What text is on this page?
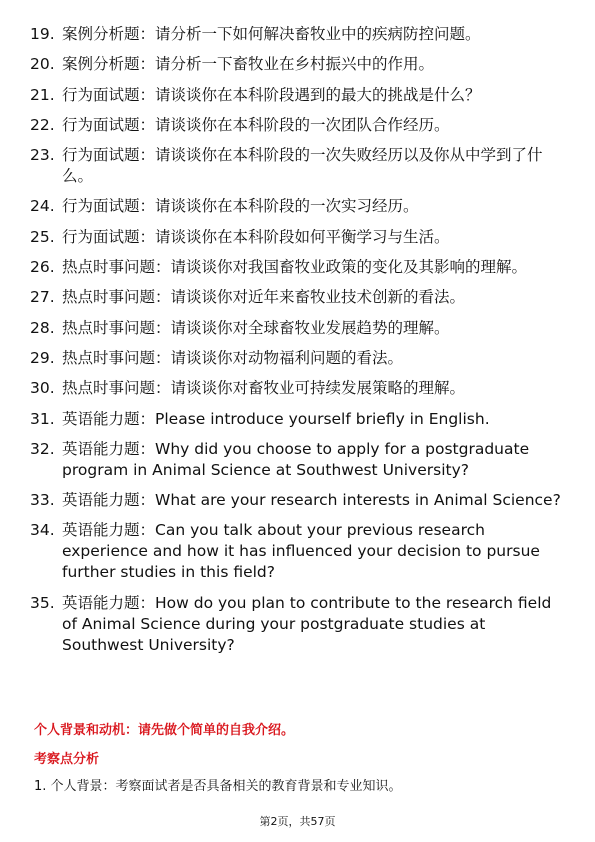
19. 案例分析题：请分析一下如何解决畜牧业中的疾病防控问题。
20. 案例分析题：请分析一下畜牧业在乡村振兴中的作用。
21. 行为面试题：请谈谈你在本科阶段遇到的最大的挑战是什么？
22. 行为面试题：请谈谈你在本科阶段的一次团队合作经历。
23. 行为面试题：请谈谈你在本科阶段的一次失败经历以及你从中学到了什么。
24. 行为面试题：请谈谈你在本科阶段的一次实习经历。
25. 行为面试题：请谈谈你在本科阶段如何平衡学习与生活。
26. 热点时事问题：请谈谈你对我国畜牧业政策的变化及其影响的理解。
27. 热点时事问题：请谈谈你对近年来畜牧业技术创新的看法。
28. 热点时事问题：请谈谈你对全球畜牧业发展趋势的理解。
29. 热点时事问题：请谈谈你对动物福利问题的看法。
30. 热点时事问题：请谈谈你对畜牧业可持续发展策略的理解。
31. 英语能力题：Please introduce yourself briefly in English.
32. 英语能力题：Why did you choose to apply for a postgraduate program in Animal Science at Southwest University?
33. 英语能力题：What are your research interests in Animal Science?
34. 英语能力题：Can you talk about your previous research experience and how it has influenced your decision to pursue further studies in this field?
35. 英语能力题：How do you plan to contribute to the research field of Animal Science during your postgraduate studies at Southwest University?
个人背景和动机：请先做个简单的自我介绍。
考察点分析

1. 个人背景：考察面试者是否具备相关的教育背景和专业知识。

第2页，共57页
